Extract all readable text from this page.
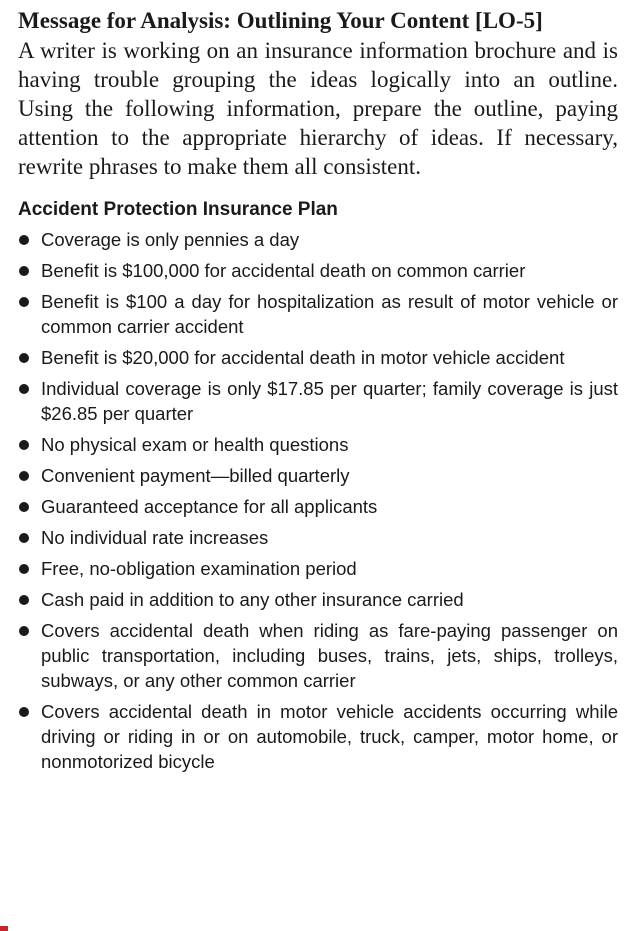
Message for Analysis: Outlining Your Content [LO-5]

A writer is working on an insurance information brochure and is having trouble grouping the ideas logically into an outline. Using the following information, prepare the outline, paying attention to the appropriate hierarchy of ideas. If necessary, rewrite phrases to make them all consistent.

Accident Protection Insurance Plan
Coverage is only pennies a day
Benefit is $100,000 for accidental death on common carrier
Benefit is $100 a day for hospitalization as result of motor vehicle or common carrier accident
Benefit is $20,000 for accidental death in motor vehicle accident
Individual coverage is only $17.85 per quarter; family coverage is just $26.85 per quarter
No physical exam or health questions
Convenient payment—billed quarterly
Guaranteed acceptance for all applicants
No individual rate increases
Free, no-obligation examination period
Cash paid in addition to any other insurance carried
Covers accidental death when riding as fare-paying passenger on public transportation, including buses, trains, jets, ships, trolleys, subways, or any other common carrier
Covers accidental death in motor vehicle accidents occurring while driving or riding in or on automobile, truck, camper, motor home, or nonmotorized bicycle
